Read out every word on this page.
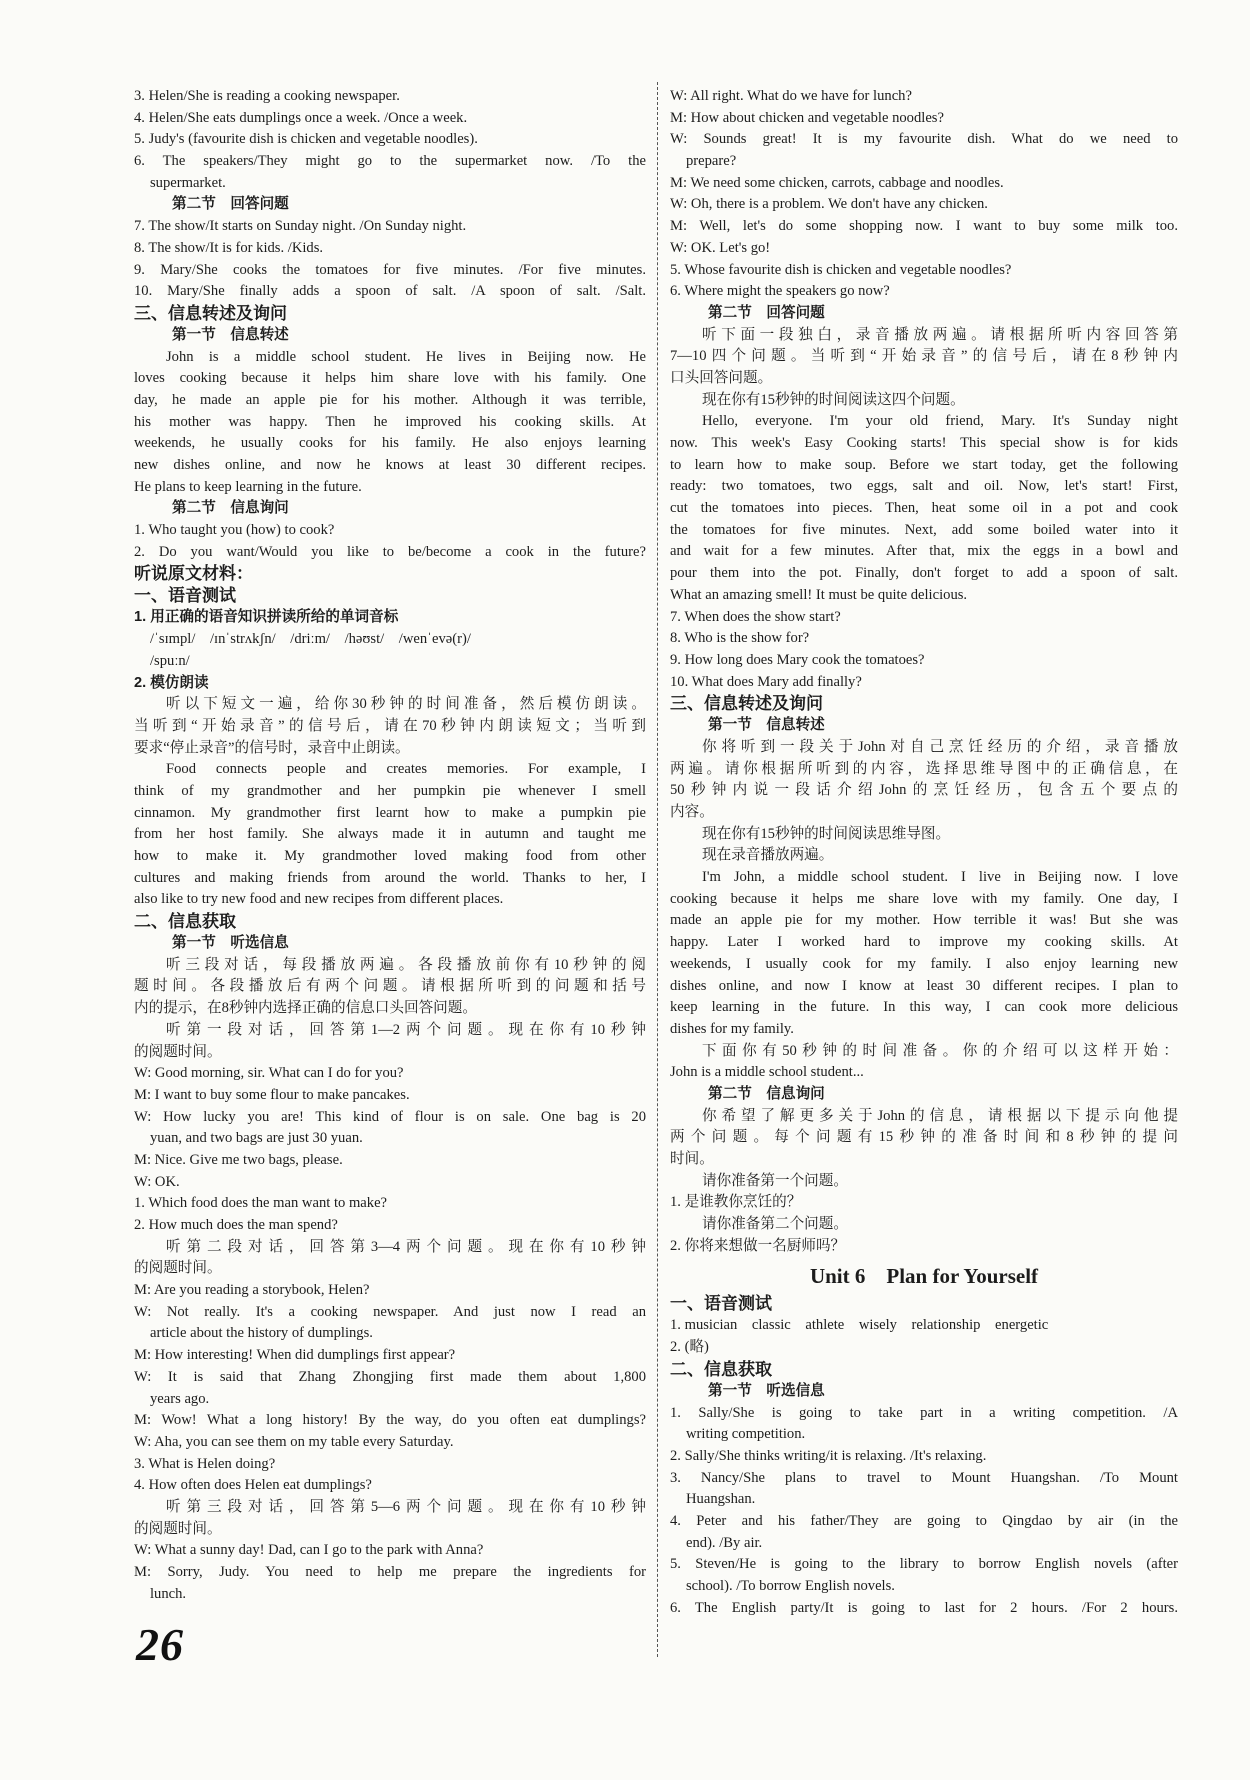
3. Helen/She is reading a cooking newspaper.
4. Helen/She eats dumplings once a week. /Once a week.
5. Judy's (favourite dish is chicken and vegetable noodles).
6. The speakers/They might go to the supermarket now. /To the
supermarket.
第二节　回答问题
7. The show/It starts on Sunday night. /On Sunday night.
8. The show/It is for kids. /Kids.
9. Mary/She cooks the tomatoes for five minutes. /For five minutes.
10. Mary/She finally adds a spoon of salt. /A spoon of salt. /Salt.
三、信息转述及询问
第一节　信息转述
John is a middle school student. He lives in Beijing now. He
loves cooking because it helps him share love with his family. One
day, he made an apple pie for his mother. Although it was terrible,
his mother was happy. Then he improved his cooking skills. At
weekends, he usually cooks for his family. He also enjoys learning
new dishes online, and now he knows at least 30 different recipes.
He plans to keep learning in the future.
第二节　信息询问
1. Who taught you (how) to cook?
2. Do you want/Would you like to be/become a cook in the future?
听说原文材料：
一、语音测试
1. 用正确的语音知识拼读所给的单词音标
/ˈsɪmpl/　/ɪnˈstrʌkʃn/　/driːm/　/həʊst/　/wenˈevə(r)/
/spuːn/
2. 模仿朗读
听以下短文一遍，给你30秒钟的时间准备，然后模仿朗读。
当听到“开始录音”的信号后，请在70秒钟内朗读短文；当听到
要求“停止录音”的信号时，录音中止朗读。
Food connects people and creates memories. For example, I
think of my grandmother and her pumpkin pie whenever I smell
cinnamon. My grandmother first learnt how to make a pumpkin pie
from her host family. She always made it in autumn and taught me
how to make it. My grandmother loved making food from other
cultures and making friends from around the world. Thanks to her, I
also like to try new food and new recipes from different places.
二、信息获取
第一节　听选信息
听三段对话，每段播放两遍。各段播放前你有10秒钟的阅
题时间。各段播放后有两个问题。请根据所听到的问题和括号
内的提示，在8秒钟内选择正确的信息口头回答问题。
听第一段对话，回答第1—2两个问题。现在你有10秒钟
的阅题时间。
W: Good morning, sir. What can I do for you?
M: I want to buy some flour to make pancakes.
W: How lucky you are! This kind of flour is on sale. One bag is 20
yuan, and two bags are just 30 yuan.
M: Nice. Give me two bags, please.
W: OK.
1. Which food does the man want to make?
2. How much does the man spend?
听第二段对话，回答第3—4两个问题。现在你有10秒钟
的阅题时间。
M: Are you reading a storybook, Helen?
W: Not really. It's a cooking newspaper. And just now I read an
article about the history of dumplings.
M: How interesting! When did dumplings first appear?
W: It is said that Zhang Zhongjing first made them about 1,800
years ago.
M: Wow! What a long history! By the way, do you often eat dumplings?
W: Aha, you can see them on my table every Saturday.
3. What is Helen doing?
4. How often does Helen eat dumplings?
听第三段对话，回答第5—6两个问题。现在你有10秒钟
的阅题时间。
W: What a sunny day! Dad, can I go to the park with Anna?
M: Sorry, Judy. You need to help me prepare the ingredients for
lunch.
W: All right. What do we have for lunch?
M: How about chicken and vegetable noodles?
W: Sounds great! It is my favourite dish. What do we need to
prepare?
M: We need some chicken, carrots, cabbage and noodles.
W: Oh, there is a problem. We don't have any chicken.
M: Well, let's do some shopping now. I want to buy some milk too.
W: OK. Let's go!
5. Whose favourite dish is chicken and vegetable noodles?
6. Where might the speakers go now?
第二节　回答问题
听下面一段独白，录音播放两遍。请根据所听内容回答第
7—10四个问题。当听到“开始录音”的信号后，请在8秒钟内
口头回答问题。
现在你有15秒钟的时间阅读这四个问题。
Hello, everyone. I'm your old friend, Mary. It's Sunday night
now. This week's Easy Cooking starts! This special show is for kids
to learn how to make soup. Before we start today, get the following
ready: two tomatoes, two eggs, salt and oil. Now, let's start! First,
cut the tomatoes into pieces. Then, heat some oil in a pot and cook
the tomatoes for five minutes. Next, add some boiled water into it
and wait for a few minutes. After that, mix the eggs in a bowl and
pour them into the pot. Finally, don't forget to add a spoon of salt.
What an amazing smell! It must be quite delicious.
7. When does the show start?
8. Who is the show for?
9. How long does Mary cook the tomatoes?
10. What does Mary add finally?
三、信息转述及询问
第一节　信息转述
你将听到一段关于John对自己烹饪经历的介绍，录音播放
两遍。请你根据所听到的内容，选择思维导图中的正确信息，在
50秒钟内说一段话介绍John的烹饪经历，包含五个要点的
内容。
现在你有15秒钟的时间阅读思维导图。
现在录音播放两遍。
I'm John, a middle school student. I live in Beijing now. I love
cooking because it helps me share love with my family. One day, I
made an apple pie for my mother. How terrible it was! But she was
happy. Later I worked hard to improve my cooking skills. At
weekends, I usually cook for my family. I also enjoy learning new
dishes online, and now I know at least 30 different recipes. I plan to
keep learning in the future. In this way, I can cook more delicious
dishes for my family.
下面你有50秒钟的时间准备。你的介绍可以这样开始：
John is a middle school student...
第二节　信息询问
你希望了解更多关于John的信息，请根据以下提示向他提
两个问题。每个问题有15秒钟的准备时间和8秒钟的提问
时间。
请你准备第一个问题。
1. 是谁教你烹饪的？
请你准备第二个问题。
2. 你将来想做一名厨师吗？
Unit 6　Plan for Yourself
一、语音测试
1. musician　classic　athlete　wisely　relationship　energetic
2. (略)
二、信息获取
第一节　听选信息
1. Sally/She is going to take part in a writing competition. /A
writing competition.
2. Sally/She thinks writing/it is relaxing. /It's relaxing.
3. Nancy/She plans to travel to Mount Huangshan. /To Mount
Huangshan.
4. Peter and his father/They are going to Qingdao by air (in the
end). /By air.
5. Steven/He is going to the library to borrow English novels (after
school). /To borrow English novels.
6. The English party/It is going to last for 2 hours. /For 2 hours.
26
